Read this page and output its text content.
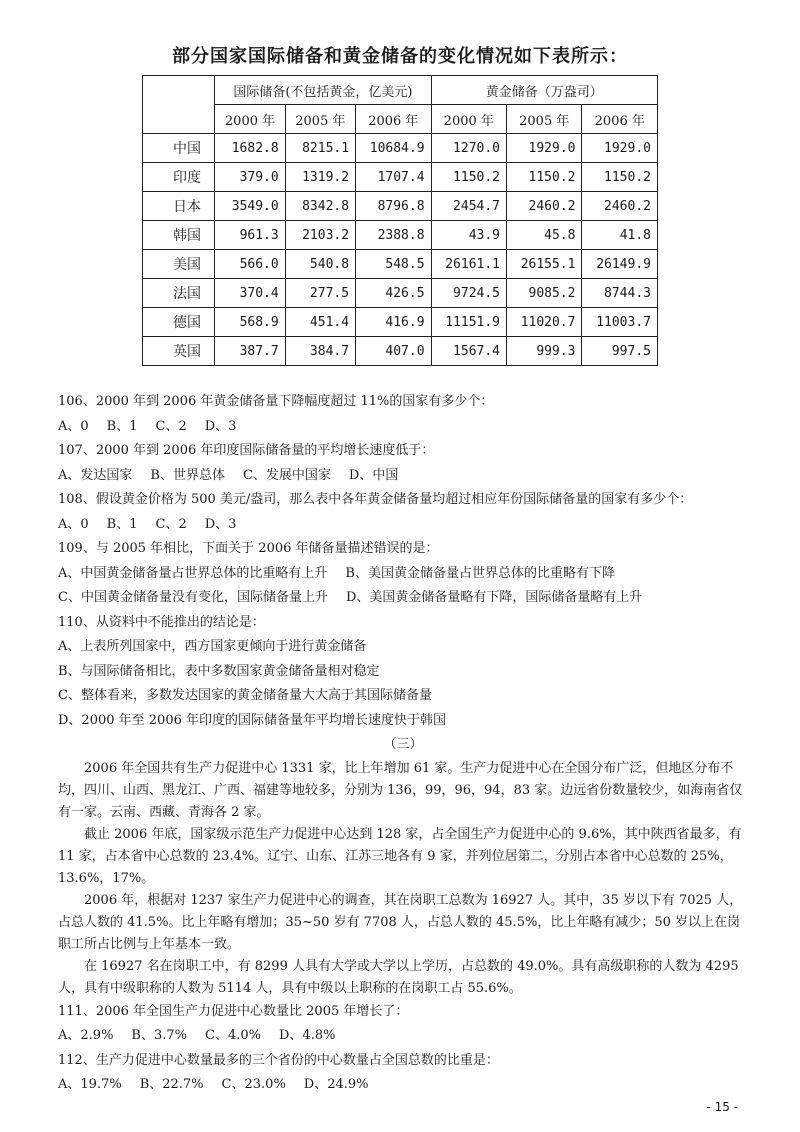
部分国家国际储备和黄金储备的变化情况如下表所示：
	国际储备(不包括黄金，亿美元)			黄金储备（万盎司）		
	2000 年	2005 年	2006 年	2000 年	2005 年	2006 年
中国	1682.8	8215.1	10684.9	1270.0	1929.0	1929.0
印度	379.0	1319.2	1707.4	1150.2	1150.2	1150.2
日本	3549.0	8342.8	8796.8	2454.7	2460.2	2460.2
韩国	961.3	2103.2	2388.8	43.9	45.8	41.8
美国	566.0	540.8	548.5	26161.1	26155.1	26149.9
法国	370.4	277.5	426.5	9724.5	9085.2	8744.3
德国	568.9	451.4	416.9	11151.9	11020.7	11003.7
英国	387.7	384.7	407.0	1567.4	999.3	997.5

106、2000 年到 2006 年黄金储备量下降幅度超过 11%的国家有多少个：

A、0 B、1 C、2 D、3

107、2000 年到 2006 年印度国际储备量的平均增长速度低于：

A、发达国家 B、世界总体 C、发展中国家 D、中国

108、假设黄金价格为 500 美元/盎司，那么表中各年黄金储备量均超过相应年份国际储备量的国家有多少个：

A、0 B、1 C、2 D、3

109、与 2005 年相比，下面关于 2006 年储备量描述错误的是：

A、中国黄金储备量占世界总体的比重略有上升 B、美国黄金储备量占世界总体的比重略有下降

C、中国黄金储备量没有变化，国际储备量上升 D、美国黄金储备量略有下降，国际储备量略有上升

110、从资料中不能推出的结论是：

A、上表所列国家中，西方国家更倾向于进行黄金储备

B、与国际储备相比，表中多数国家黄金储备量相对稳定

C、整体看来，多数发达国家的黄金储备量大大高于其国际储备量

D、2000 年至 2006 年印度的国际储备量年平均增长速度快于韩国

（三）

2006 年全国共有生产力促进中心 1331 家，比上年增加 61 家。生产力促进中心在全国分布广泛，但地区分布不均，四川、山西、黑龙江、广西、福建等地较多，分别为 136，99，96，94，83 家。边远省份数量较少，如海南省仅有一家。云南、西藏、青海各 2 家。

截止 2006 年底，国家级示范生产力促进中心达到 128 家，占全国生产力促进中心的 9.6%，其中陕西省最多，有 11 家，占本省中心总数的 23.4%。辽宁、山东、江苏三地各有 9 家，并列位居第二，分别占本省中心总数的 25%，13.6%，17%。

2006 年，根据对 1237 家生产力促进中心的调查，其在岗职工总数为 16927 人。其中，35 岁以下有 7025 人，占总人数的 41.5%。比上年略有增加；35~50 岁有 7708 人，占总人数的 45.5%，比上年略有减少；50 岁以上在岗职工所占比例与上年基本一致。

在 16927 名在岗职工中，有 8299 人具有大学或大学以上学历，占总数的 49.0%。具有高级职称的人数为 4295 人，具有中级职称的人数为 5114 人，具有中级以上职称的在岗职工占 55.6%。

111、2006 年全国生产力促进中心数量比 2005 年增长了：

A、2.9% B、3.7% C、4.0% D、4.8%

112、生产力促进中心数量最多的三个省份的中心数量占全国总数的比重是：

A、19.7% B、22.7% C、23.0% D、24.9%

- 15 -
